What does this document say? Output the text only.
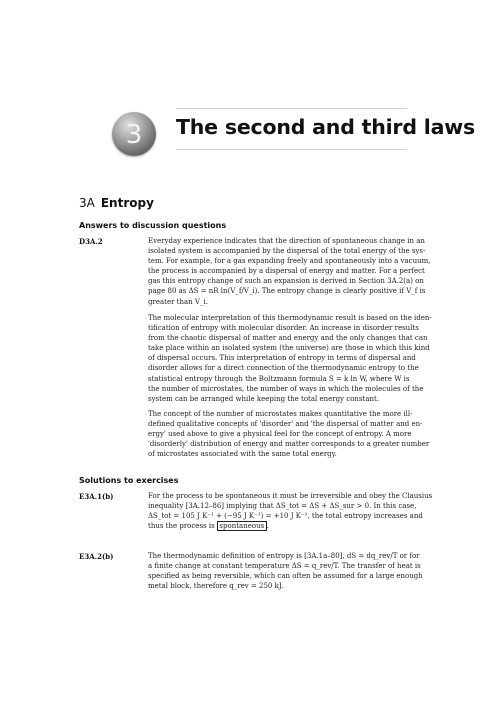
3 The second and third laws
3A Entropy
Answers to discussion questions
D3A.2	Everyday experience indicates that the direction of spontaneous change in an
isolated system is accompanied by the dispersal of the total energy of the sys-
tem. For example, for a gas expanding freely and spontaneously into a vacuum,
the process is accompanied by a dispersal of energy and matter. For a perfect
gas this entropy change of such an expansion is derived in Section 3A.2(a) on
page 80 as ΔS = nR ln(V_f/V_i). The entropy change is clearly positive if V_f is
greater than V_i.
The molecular interpretation of this thermodynamic result is based on the iden-
tification of entropy with molecular disorder. An increase in disorder results
from the chaotic dispersal of matter and energy and the only changes that can
take place within an isolated system (the universe) are those in which this kind
of dispersal occurs. This interpretation of entropy in terms of dispersal and
disorder allows for a direct connection of the thermodynamic entropy to the
statistical entropy through the Boltzmann formula S = k ln W, where W is
the number of microstates, the number of ways in which the molecules of the
system can be arranged while keeping the total energy constant.
The concept of the number of microstates makes quantitative the more ill-
defined qualitative concepts of 'disorder' and 'the dispersal of matter and en-
ergy' used above to give a physical feel for the concept of entropy. A more
'disorderly' distribution of energy and matter corresponds to a greater number
of microstates associated with the same total energy.
Solutions to exercises
E3A.1(b)	For the process to be spontaneous it must be irreversible and obey the Clausius
inequality [3A.12–86] implying that ΔS_tot = ΔS + ΔS_sur > 0. In this case,
ΔS_tot = 105 J K⁻¹ + (−95 J K⁻¹) = +10 J K⁻¹, the total entropy increases and
thus the process is spontaneous .
E3A.2(b)	The thermodynamic definition of entropy is [3A.1a–80], dS = dq_rev/T or for
a finite change at constant temperature ΔS = q_rev/T. The transfer of heat is
specified as being reversible, which can often be assumed for a large enough
metal block, therefore q_rev = 250 kJ.
